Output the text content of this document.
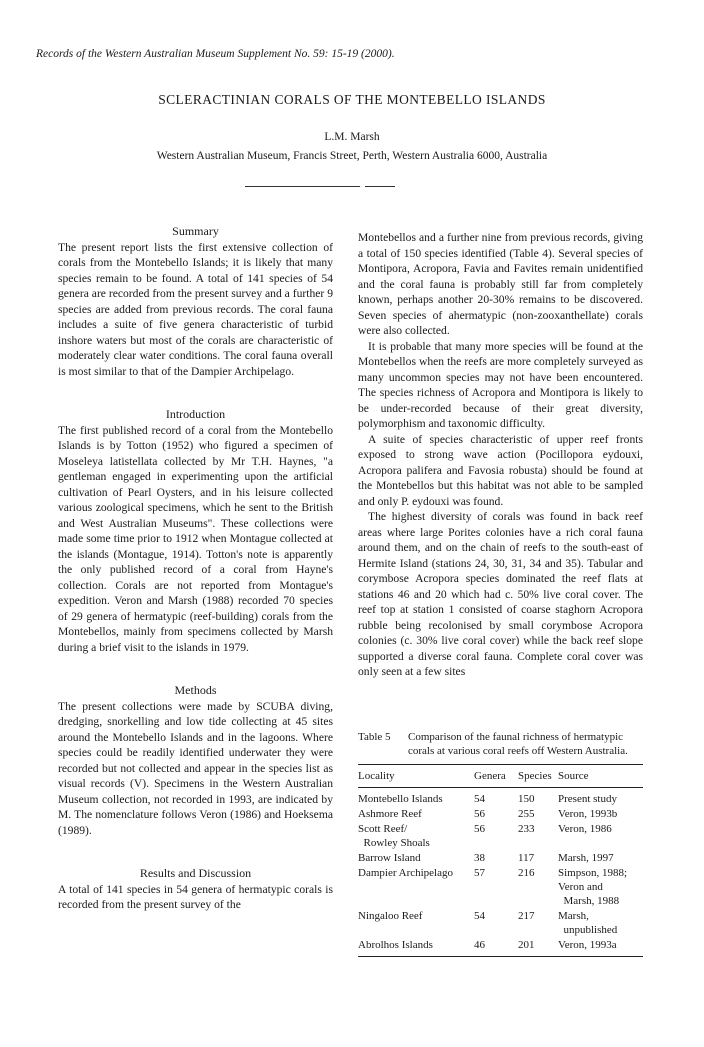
Records of the Western Australian Museum Supplement No. 59: 15-19 (2000).
SCLERACTINIAN CORALS OF THE MONTEBELLO ISLANDS
L.M. Marsh
Western Australian Museum, Francis Street, Perth, Western Australia 6000, Australia

Summary

The present report lists the first extensive collection of corals from the Montebello Islands; it is likely that many species remain to be found. A total of 141 species of 54 genera are recorded from the present survey and a further 9 species are added from previous records. The coral fauna includes a suite of five genera characteristic of turbid inshore waters but most of the corals are characteristic of moderately clear water conditions. The coral fauna overall is most similar to that of the Dampier Archipelago.

Introduction

The first published record of a coral from the Montebello Islands is by Totton (1952) who figured a specimen of Moseleya latistellata collected by Mr T.H. Haynes, "a gentleman engaged in experimenting upon the artificial cultivation of Pearl Oysters, and in his leisure collected various zoological specimens, which he sent to the British and West Australian Museums". These collections were made some time prior to 1912 when Montague collected at the islands (Montague, 1914). Totton's note is apparently the only published record of a coral from Hayne's collection. Corals are not reported from Montague's expedition. Veron and Marsh (1988) recorded 70 species of 29 genera of hermatypic (reef-building) corals from the Montebellos, mainly from specimens collected by Marsh during a brief visit to the islands in 1979.

Methods

The present collections were made by SCUBA diving, dredging, snorkelling and low tide collecting at 45 sites around the Montebello Islands and in the lagoons. Where species could be readily identified underwater they were recorded but not collected and appear in the species list as visual records (V). Specimens in the Western Australian Museum collection, not recorded in 1993, are indicated by M. The nomenclature follows Veron (1986) and Hoeksema (1989).

Results and Discussion

A total of 141 species in 54 genera of hermatypic corals is recorded from the present survey of the

Montebellos and a further nine from previous records, giving a total of 150 species identified (Table 4). Several species of Montipora, Acropora, Favia and Favites remain unidentified and the coral fauna is probably still far from completely known, perhaps another 20-30% remains to be discovered. Seven species of ahermatypic (non-zooxanthellate) corals were also collected.

It is probable that many more species will be found at the Montebellos when the reefs are more completely surveyed as many uncommon species may not have been encountered. The species richness of Acropora and Montipora is likely to be under-recorded because of their great diversity, polymorphism and taxonomic difficulty.

A suite of species characteristic of upper reef fronts exposed to strong wave action (Pocillopora eydouxi, Acropora palifera and Favosia robusta) should be found at the Montebellos but this habitat was not able to be sampled and only P. eydouxi was found.

The highest diversity of corals was found in back reef areas where large Porites colonies have a rich coral fauna around them, and on the chain of reefs to the south-east of Hermite Island (stations 24, 30, 31, 34 and 35). Tabular and corymbose Acropora species dominated the reef flats at stations 46 and 20 which had c. 50% live coral cover. The reef top at station 1 consisted of coarse staghorn Acropora rubble being recolonised by small corymbose Acropora colonies (c. 30% live coral cover) while the back reef slope supported a diverse coral fauna. Complete coral cover was only seen at a few sites

Table 5	Comparison of the faunal richness of hermatypic corals at various coral reefs off Western Australia.
Locality	Genera	Species	Source

Montebello Islands	54	150	Present study
Ashmore Reef	56	255	Veron, 1993b
Scott Reef/
Rowley Shoals	56	233	Veron, 1986
Barrow Island	38	117	Marsh, 1997
Dampier Archipelago	57	216	Simpson, 1988;
Veron and
Marsh, 1988
Ningaloo Reef	54	217	Marsh,
unpublished
Abrolhos Islands	46	201	Veron, 1993a
